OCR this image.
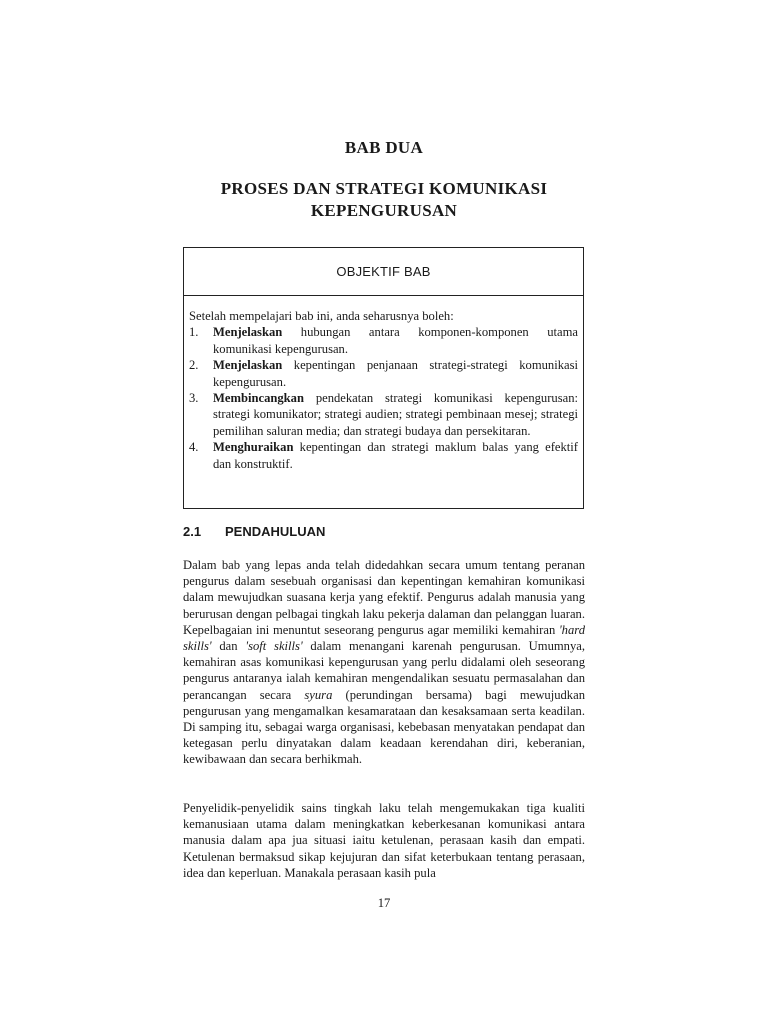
BAB DUA
PROSES DAN STRATEGI KOMUNIKASI
KEPENGURUSAN
OBJEKTIF BAB
Setelah mempelajari bab ini, anda seharusnya boleh:
1.	Menjelaskan hubungan antara komponen-komponen utama komunikasi kepengurusan.
2.	Menjelaskan kepentingan penjanaan strategi-strategi komunikasi kepengurusan.
3.	Membincangkan pendekatan strategi komunikasi kepengurusan: strategi komunikator; strategi audien; strategi pembinaan mesej; strategi pemilihan saluran media; dan strategi budaya dan persekitaran.
4.	Menghuraikan kepentingan dan strategi maklum balas yang efektif dan konstruktif.
2.1	PENDAHULUAN

Dalam bab yang lepas anda telah didedahkan secara umum tentang peranan pengurus dalam sesebuah organisasi dan kepentingan kemahiran komunikasi dalam mewujudkan suasana kerja yang efektif. Pengurus adalah manusia yang berurusan dengan pelbagai tingkah laku pekerja dalaman dan pelanggan luaran. Kepelbagaian ini menuntut seseorang pengurus agar memiliki kemahiran 'hard skills' dan 'soft skills' dalam menangani karenah pengurusan. Umumnya, kemahiran asas komunikasi kepengurusan yang perlu didalami oleh seseorang pengurus antaranya ialah kemahiran mengendalikan sesuatu permasalahan dan perancangan secara syura (perundingan bersama) bagi mewujudkan pengurusan yang mengamalkan kesamarataan dan kesaksamaan serta keadilan. Di samping itu, sebagai warga organisasi, kebebasan menyatakan pendapat dan ketegasan perlu dinyatakan dalam keadaan kerendahan diri, keberanian, kewibawaan dan secara berhikmah.

Penyelidik-penyelidik sains tingkah laku telah mengemukakan tiga kualiti kemanusiaan utama dalam meningkatkan keberkesanan komunikasi antara manusia dalam apa jua situasi iaitu ketulenan, perasaan kasih dan empati. Ketulenan bermaksud sikap kejujuran dan sifat keterbukaan tentang perasaan, idea dan keperluan. Manakala perasaan kasih pula

17
